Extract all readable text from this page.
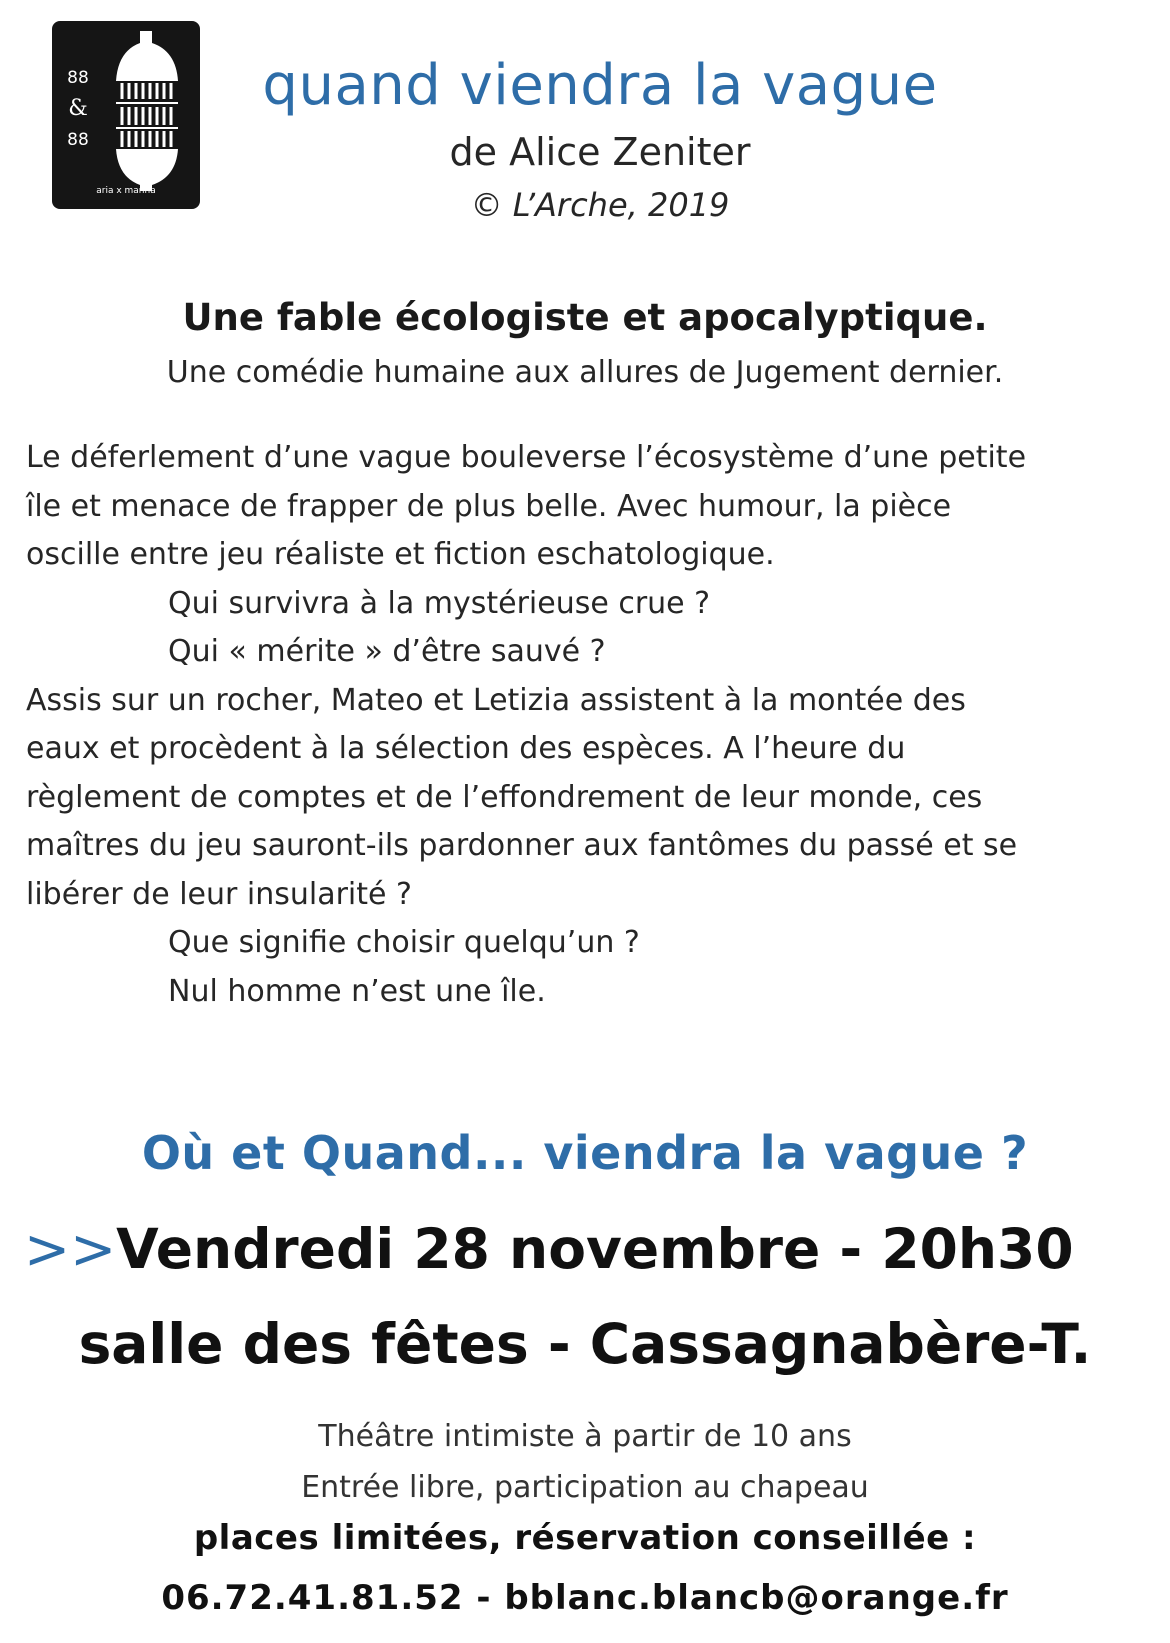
88
&
88
aria x manna
quand viendra la vague
de Alice Zeniter
© L’Arche, 2019
Une fable écologiste et apocalyptique.
Une comédie humaine aux allures de Jugement dernier.

Le déferlement d’une vague bouleverse l’écosystème d’une petite

île et menace de frapper de plus belle. Avec humour, la pièce

oscille entre jeu réaliste et fiction eschatologique.

Qui survivra à la mystérieuse crue ?

Qui « mérite » d’être sauvé ?

Assis sur un rocher, Mateo et Letizia assistent à la montée des

eaux et procèdent à la sélection des espèces. A l’heure du

règlement de comptes et de l’effondrement de leur monde, ces

maîtres du jeu sauront-ils pardonner aux fantômes du passé et se

libérer de leur insularité ?

Que signifie choisir quelqu’un ?

Nul homme n’est une île.

Où et Quand... viendra la vague ?
>>Vendredi 28 novembre - 20h30
salle des fêtes - Cassagnabère-T.
Théâtre intimiste à partir de 10 ans
Entrée libre, participation au chapeau
places limitées, réservation conseillée :
06.72.41.81.52 - bblanc.blancb@orange.fr
